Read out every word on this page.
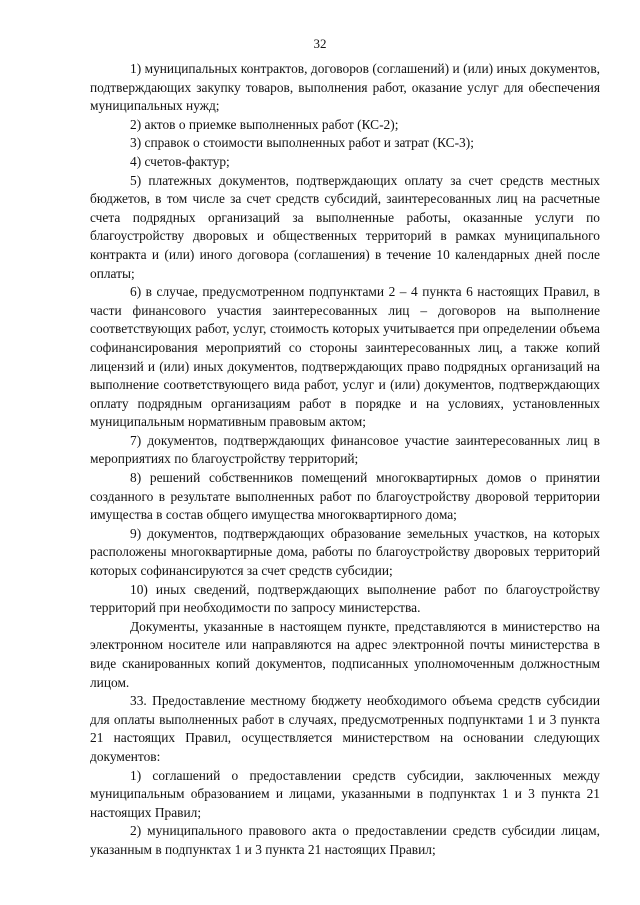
32

1) муниципальных контрактов, договоров (соглашений) и (или) иных документов, подтверждающих закупку товаров, выполнения работ, оказание услуг для обеспечения муниципальных нужд;

2) актов о приемке выполненных работ (КС-2);

3) справок о стоимости выполненных работ и затрат (КС-3);

4) счетов-фактур;

5) платежных документов, подтверждающих оплату за счет средств местных бюджетов, в том числе за счет средств субсидий, заинтересованных лиц на расчетные счета подрядных организаций за выполненные работы, оказанные услуги по благоустройству дворовых и общественных территорий в рамках муниципального контракта и (или) иного договора (соглашения) в течение 10 календарных дней после оплаты;

6) в случае, предусмотренном подпунктами 2 – 4 пункта 6 настоящих Правил, в части финансового участия заинтересованных лиц – договоров на выполнение соответствующих работ, услуг, стоимость которых учитывается при определении объема софинансирования мероприятий со стороны заинтересованных лиц, а также копий лицензий и (или) иных документов, подтверждающих право подрядных организаций на выполнение соответствующего вида работ, услуг и (или) документов, подтверждающих оплату подрядным организациям работ в порядке и на условиях, установленных муниципальным нормативным правовым актом;

7) документов, подтверждающих финансовое участие заинтересованных лиц в мероприятиях по благоустройству территорий;

8) решений собственников помещений многоквартирных домов о принятии созданного в результате выполненных работ по благоустройству дворовой территории имущества в состав общего имущества многоквартирного дома;

9) документов, подтверждающих образование земельных участков, на которых расположены многоквартирные дома, работы по благоустройству дворовых территорий которых софинансируются за счет средств субсидии;

10) иных сведений, подтверждающих выполнение работ по благоустройству территорий при необходимости по запросу министерства.

Документы, указанные в настоящем пункте, представляются в министерство на электронном носителе или направляются на адрес электронной почты министерства в виде сканированных копий документов, подписанных уполномоченным должностным лицом.

33. Предоставление местному бюджету необходимого объема средств субсидии для оплаты выполненных работ в случаях, предусмотренных подпунктами 1 и 3 пункта 21 настоящих Правил, осуществляется министерством на основании следующих документов:

1) соглашений о предоставлении средств субсидии, заключенных между муниципальным образованием и лицами, указанными в подпунктах 1 и 3 пункта 21 настоящих Правил;

2) муниципального правового акта о предоставлении средств субсидии лицам, указанным в подпунктах 1 и 3 пункта 21 настоящих Правил;
